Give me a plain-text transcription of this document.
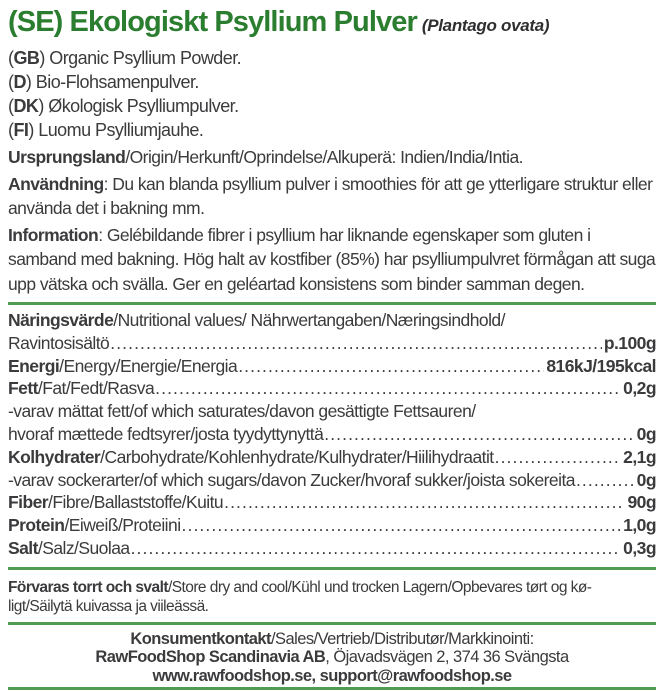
(SE) Ekologiskt Psyllium Pulver (Plantago ovata)
(GB) Organic Psyllium Powder.
(D) Bio-Flohsamenpulver.
(DK) Økologisk Psylliumpulver.
(FI) Luomu Psylliumjauhe.

Ursprungsland/Origin/Herkunft/Oprindelse/Alkuperä: Indien/India/Intia.

Användning: Du kan blanda psyllium pulver i smoothies för att ge ytterligare struktur eller använda det i bakning mm.

Information: Gelébildande fibrer i psyllium har liknande egenskaper som gluten i samband med bakning. Hög halt av kostfiber (85%) har psylliumpulvret förmågan att suga upp vätska och svälla. Ger en geléartad konsistens som binder samman degen.

Näringsvärde/Nutritional values/ Nährwertangaben/Næringsindhold/
Ravintosisältö .....	p.100g
Energi/Energy/Energie/Energia .....	816kJ/195kcal
Fett/Fat/Fedt/Rasva .....	0,2g
-varav mättat fett/of which saturates/davon gesättigte Fettsauren/
hvoraf mættede fedtsyrer/josta tyydyttynyttä .....	0g
Kolhydrater/Carbohydrate/Kohlenhydrate/Kulhydrater/Hiilihydraatit .....	2,1g
-varav sockerarter/of which sugars/davon Zucker/hvoraf sukker/joista sokereita .....	0g
Fiber/Fibre/Ballaststoffe/Kuitu .....	90g
Protein/Eiweiß/Proteiini .....	1,0g
Salt/Salz/Suolaa .....	0,3g
Förvaras torrt och svalt/Store dry and cool/Kühl und trocken Lagern/Opbevares tørt og kø-
ligt/Säilytä kuivassa ja viileässä.
Konsumentkontakt/Sales/Vertrieb/Distributør/Markkinointi:
RawFoodShop Scandinavia AB, Öjavadsvägen 2, 374 36 Svängsta
www.rawfoodshop.se, support@rawfoodshop.se
